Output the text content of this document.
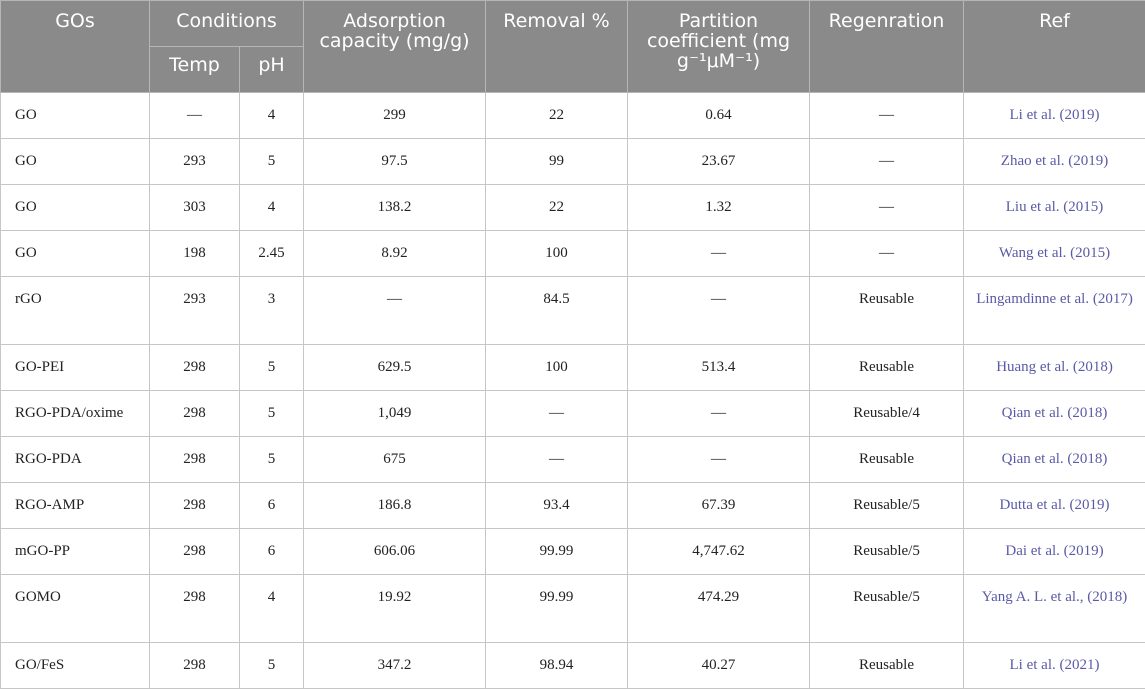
GOs	Conditions		Adsorption capacity (mg/g)	Removal %	Partition coefficient (mg g⁻¹μM⁻¹)	Regenration	Ref
	Temp	pH					
GO	—	4	299	22	0.64	—	Li et al. (2019)
GO	293	5	97.5	99	23.67	—	Zhao et al. (2019)
GO	303	4	138.2	22	1.32	—	Liu et al. (2015)
GO	198	2.45	8.92	100	—	—	Wang et al. (2015)
rGO	293	3	—	84.5	—	Reusable	Lingamdinne et al. (2017)
GO-PEI	298	5	629.5	100	513.4	Reusable	Huang et al. (2018)
RGO-PDA/oxime	298	5	1,049	—	—	Reusable/4	Qian et al. (2018)
RGO-PDA	298	5	675	—	—	Reusable	Qian et al. (2018)
RGO-AMP	298	6	186.8	93.4	67.39	Reusable/5	Dutta et al. (2019)
mGO-PP	298	6	606.06	99.99	4,747.62	Reusable/5	Dai et al. (2019)
GOMO	298	4	19.92	99.99	474.29	Reusable/5	Yang A. L. et al., (2018)
GO/FeS	298	5	347.2	98.94	40.27	Reusable	Li et al. (2021)
